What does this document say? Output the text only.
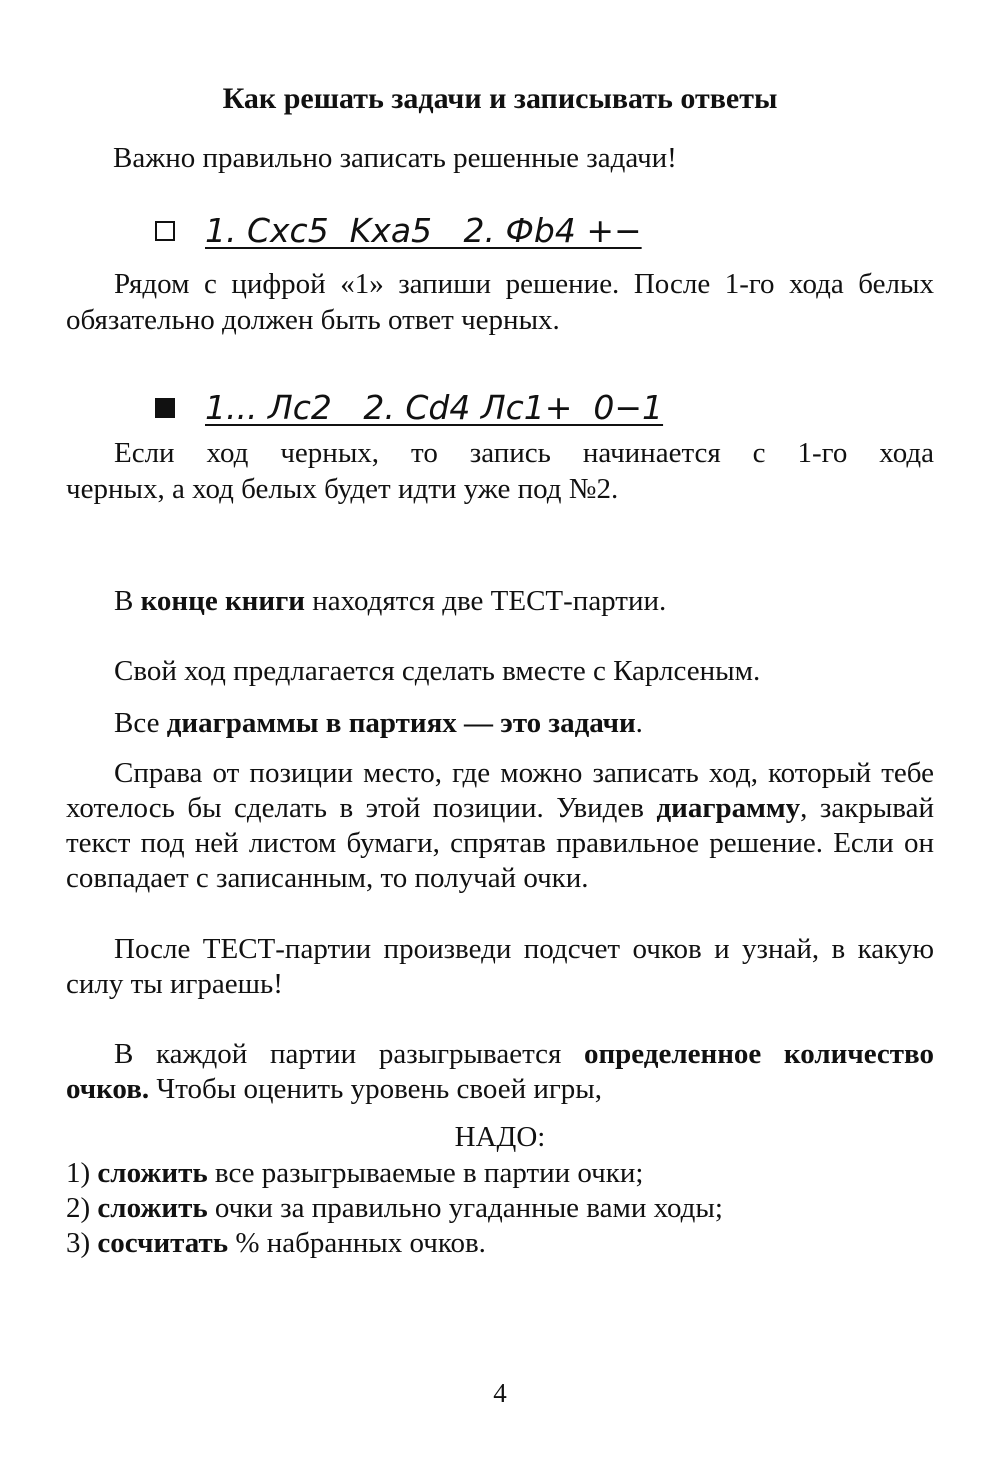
Как решать задачи и записывать ответы
Важно правильно записать решенные задачи!
1. Cxc5  Kxa5   2. Фb4 +−
Рядом с цифрой «1» запиши решение. После 1-го хода белых обязательно должен быть ответ черных.
1... Лc2   2. Cd4 Лc1+  0−1
Если ход черных, то запись начинается с 1-го хода
черных, а ход белых будет идти уже под №2.
В конце книги находятся две ТЕСТ-партии.
Свой ход предлагается сделать вместе с Карлсеным.
Все диаграммы в партиях — это задачи.
Справа от позиции место, где можно записать ход, который тебе хотелось бы сделать в этой позиции. Увидев диаграмму, закрывай текст под ней листом бумаги, спрятав правильное решение. Если он совпадает с записанным, то получай очки.
После ТЕСТ-партии произведи подсчет очков и узнай, в какую силу ты играешь!
В каждой партии разыгрывается определенное количество очков. Чтобы оценить уровень своей игры,
НАДО:
1) сложить все разыгрываемые в партии очки;
2) сложить очки за правильно угаданные вами ходы;
3) сосчитать % набранных очков.
4
